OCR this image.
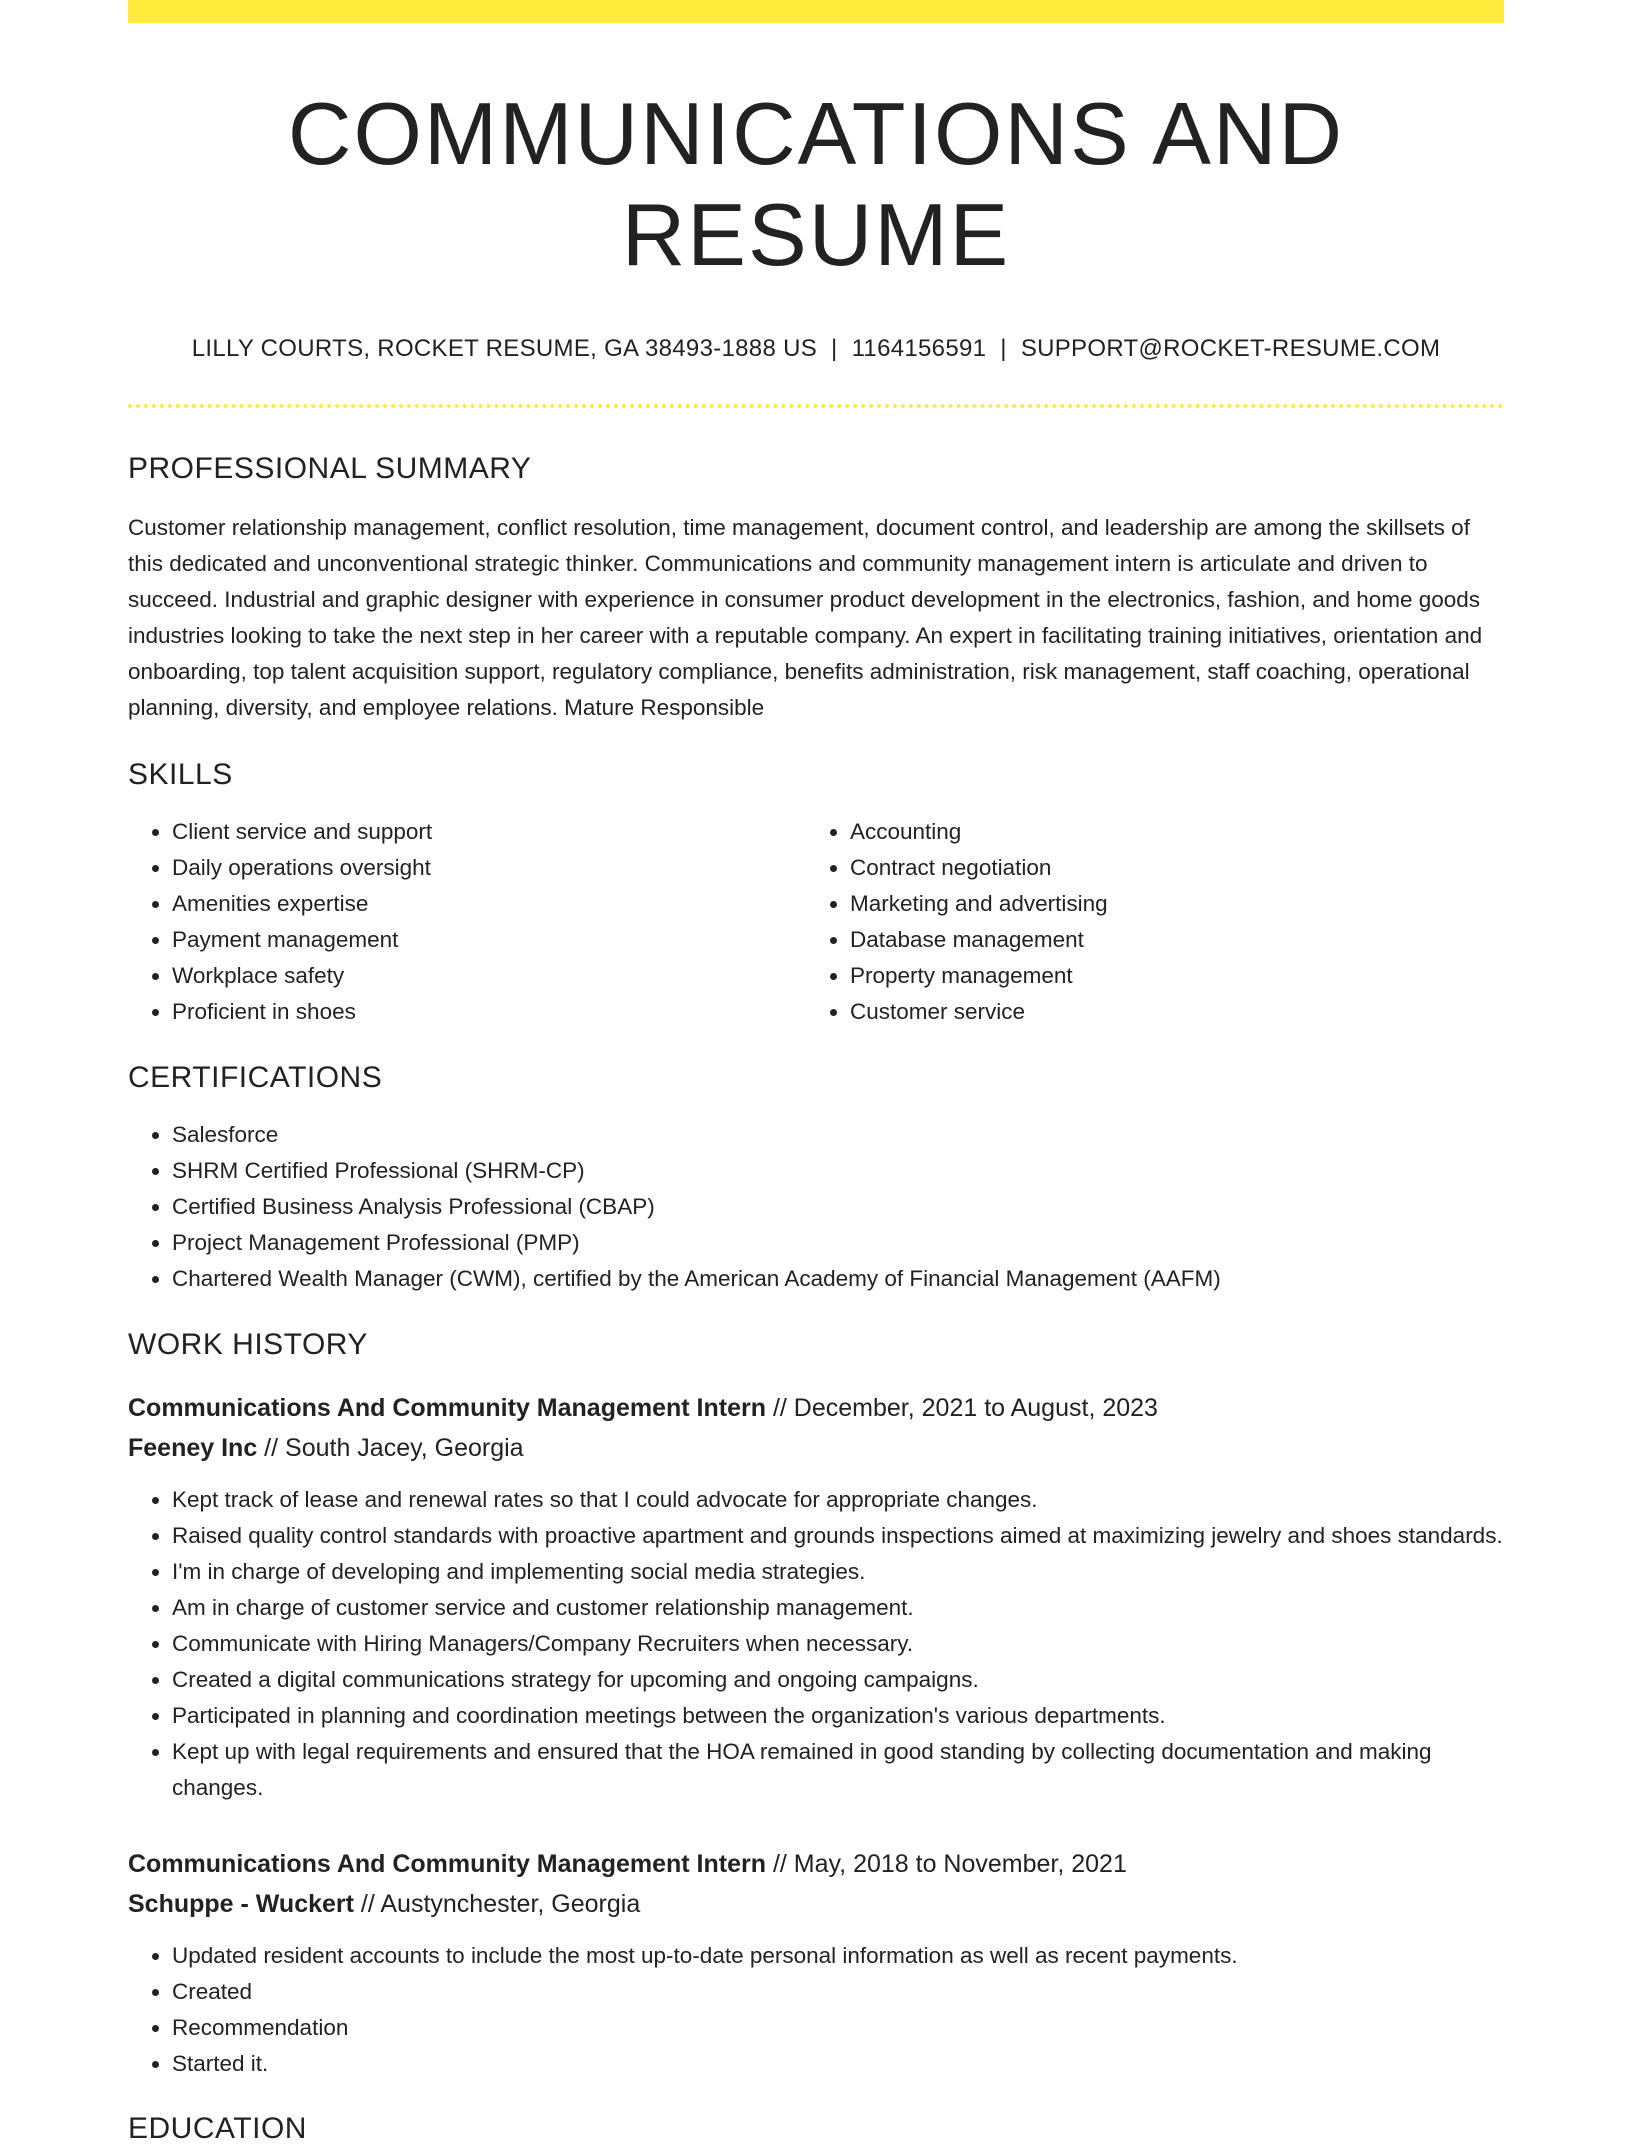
COMMUNICATIONS AND RESUME
LILLY COURTS, ROCKET RESUME, GA 38493-1888 US | 1164156591 | SUPPORT@ROCKET-RESUME.COM
PROFESSIONAL SUMMARY
Customer relationship management, conflict resolution, time management, document control, and leadership are among the skillsets of this dedicated and unconventional strategic thinker. Communications and community management intern is articulate and driven to succeed. Industrial and graphic designer with experience in consumer product development in the electronics, fashion, and home goods industries looking to take the next step in her career with a reputable company. An expert in facilitating training initiatives, orientation and onboarding, top talent acquisition support, regulatory compliance, benefits administration, risk management, staff coaching, operational planning, diversity, and employee relations. Mature Responsible
SKILLS
• Client service and support
• Daily operations oversight
• Amenities expertise
• Payment management
• Workplace safety
• Proficient in shoes
• Accounting
• Contract negotiation
• Marketing and advertising
• Database management
• Property management
• Customer service
CERTIFICATIONS
• Salesforce
• SHRM Certified Professional (SHRM-CP)
• Certified Business Analysis Professional (CBAP)
• Project Management Professional (PMP)
• Chartered Wealth Manager (CWM), certified by the American Academy of Financial Management (AAFM)
WORK HISTORY
Communications And Community Management Intern // December, 2021 to August, 2023
Feeney Inc // South Jacey, Georgia
• Kept track of lease and renewal rates so that I could advocate for appropriate changes.
• Raised quality control standards with proactive apartment and grounds inspections aimed at maximizing jewelry and shoes standards.
• I'm in charge of developing and implementing social media strategies.
• Am in charge of customer service and customer relationship management.
• Communicate with Hiring Managers/Company Recruiters when necessary.
• Created a digital communications strategy for upcoming and ongoing campaigns.
• Participated in planning and coordination meetings between the organization's various departments.
• Kept up with legal requirements and ensured that the HOA remained in good standing by collecting documentation and making changes.
Communications And Community Management Intern // May, 2018 to November, 2021
Schuppe - Wuckert // Austynchester, Georgia
• Updated resident accounts to include the most up-to-date personal information as well as recent payments.
• Created
• Recommendation
• Started it.
EDUCATION
